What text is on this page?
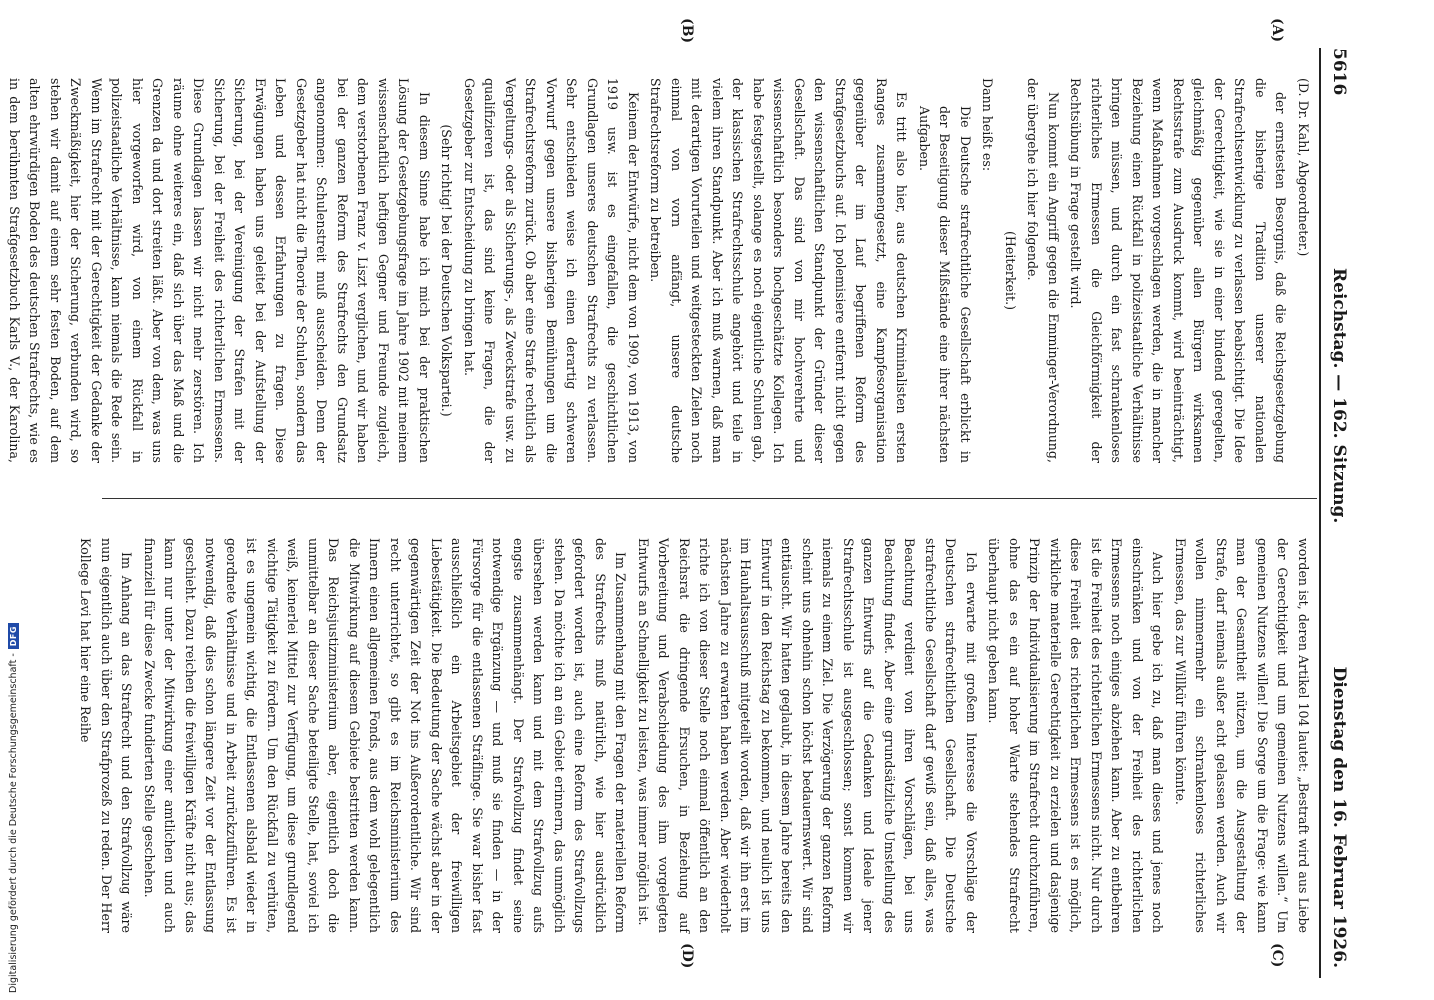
5616
Reichstag. — 162. Sitzung.
Dienstag den 16. Februar 1926.
(A)
(B)
(C)
(D)

(D. Dr. Kahl, Abgeordneter.)

der ernstesten Besorgnis, daß die Reichsgesetzgebung die bisherige Tradition unserer nationalen Strafrechtsentwicklung zu verlassen beabsichtigt. Die Idee der Gerechtigkeit, wie sie in einer bindend geregelten, gleichmäßig gegenüber allen Bürgern wirksamen Rechtsstrafe zum Ausdruck kommt, wird beeinträchtigt, wenn Maßnahmen vorgeschlagen werden, die in mancher Beziehung einen Rückfall in polizeistaatliche Verhältnisse bringen müssen, und durch ein fast schrankenloses richterliches Ermessen die Gleichförmigkeit der Rechtsübung in Frage gestellt wird.

Nun kommt ein Angriff gegen die Emminger-Verordnung, der übergehe ich hier folgende.

(Heiterkeit.)

Dann heißt es:

Die Deutsche strafrechtliche Gesellschaft erblickt in der Beseitigung dieser Mißstände eine ihrer nächsten Aufgaben.

Es tritt also hier, aus deutschen Kriminalisten ersten Ranges zusammengesetzt, eine Kampfesorganisation gegenüber der im Lauf begriffenen Reform des Strafgesetzbuchs auf. Ich polemisiere entfernt nicht gegen den wissenschaftlichen Standpunkt der Gründer dieser Gesellschaft. Das sind von mir hochverehrte und wissenschaftlich besonders hochgeschätzte Kollegen. Ich habe festgestellt, solange es noch eigentliche Schulen gab, der klassischen Strafrechtsschule angehört und teile in vielem ihren Standpunkt. Aber ich muß warnen, daß man mit derartigen Vorurteilen und weitgesteckten Zielen noch einmal von vorn anfängt, unsere deutsche Strafrechtsreform zu betreiben.

Keinem der Entwürfe, nicht dem von 1909, von 1913, von 1919 usw. ist es eingefallen, die geschichtlichen Grundlagen unseres deutschen Strafrechts zu verlassen. Sehr entschieden weise ich einen derartig schweren Vorwurf gegen unsere bisherigen Bemühungen um die Strafrechtsreform zurück. Ob aber eine Strafe rechtlich als Vergeltungs- oder als Sicherungs-, als Zweckstrafe usw. zu qualifizieren ist, das sind keine Fragen, die der Gesetzgeber zur Entscheidung zu bringen hat.

(Sehr richtig! bei der Deutschen Volkspartei.)

In diesem Sinne habe ich mich bei der praktischen Lösung der Gesetzgebungsfrage im Jahre 1902 mit meinem wissenschaftlich heftigen Gegner und Freunde zugleich, dem verstorbenen Franz v. Liszt verglichen, und wir haben bei der ganzen Reform des Strafrechts den Grundsatz angenommen: Schulenstreit muß ausscheiden. Denn der Gesetzgeber hat nicht die Theorie der Schulen, sondern das Leben und dessen Erfahrungen zu fragen. Diese Erwägungen haben uns geleitet bei der Aufstellung der Sicherung, bei der Vereinigung der Strafen mit der Sicherung, bei der Freiheit des richterlichen Ermessens. Diese Grundlagen lassen wir nicht mehr zerstören. Ich räume ohne weiteres ein, daß sich über das Maß und die Grenzen da und dort streiten läßt. Aber von dem, was uns hier vorgeworfen wird, von einem Rückfall in polizeistaatliche Verhältnisse, kann niemals die Rede sein. Wenn im Strafrecht mit der Gerechtigkeit der Gedanke der Zweckmäßigkeit, hier der Sicherung, verbunden wird, so stehen wir damit auf einem sehr festen Boden, auf dem alten ehrwürdigen Boden des deutschen Strafrechts, wie es in dem berühmten Strafgesetzbuch Karls V., der Karolina,

worden ist, deren Artikel 104 lautet: „Bestraft wird aus Liebe der Gerechtigkeit und um gemeinen Nutzens willen.“ Um gemeinen Nutzens willen! Die Sorge um die Frage: wie kann man der Gesamtheit nützen, um die Ausgestaltung der Strafe, darf niemals außer acht gelassen werden. Auch wir wollen nimmermehr ein schrankenloses richterliches Ermessen, das zur Willkür führen könnte.

Auch hier gebe ich zu, daß man dieses und jenes noch einschränken und von der Freiheit des richterlichen Ermessens noch einiges abziehen kann. Aber zu entbehren ist die Freiheit des richterlichen Ermessens nicht. Nur durch diese Freiheit des richterlichen Ermessens ist es möglich, wirkliche materielle Gerechtigkeit zu erzielen und dasjenige Prinzip der Individualisierung im Strafrecht durchzuführen, ohne das es ein auf hoher Warte stehendes Strafrecht überhaupt nicht geben kann.

Ich erwarte mit großem Interesse die Vorschläge der Deutschen strafrechtlichen Gesellschaft. Die Deutsche strafrechtliche Gesellschaft darf gewiß sein, daß alles, was Beachtung verdient von ihren Vorschlägen, bei uns Beachtung findet. Aber eine grundsätzliche Umstellung des ganzen Entwurfs auf die Gedanken und Ideale jener Strafrechtsschule ist ausgeschlossen; sonst kommen wir niemals zu einem Ziel. Die Verzögerung der ganzen Reform scheint uns ohnehin schon höchst bedauernswert. Wir sind enttäuscht. Wir hatten geglaubt, in diesem Jahre bereits den Entwurf in den Reichstag zu bekommen, und neulich ist uns im Hauhaltsausschuß mitgeteilt worden, daß wir ihn erst im nächsten Jahre zu erwarten haben werden. Aber wiederholt richte ich von dieser Stelle noch einmal öffentlich an den Reichsrat die dringende Ersuchen, in Beziehung auf Vorbereitung und Verabschiedung des ihm vorgelegten Entwurfs an Schnelligkeit zu leisten, was immer möglich ist.

Im Zusammenhang mit den Fragen der materiellen Reform des Strafrechts muß natürlich, wie hier ausdrücklich gefordert worden ist, auch eine Reform des Strafvollzugs stehen. Da möchte ich an ein Gebiet erinnern, das unmöglich übersehen werden kann und mit dem Strafvollzug aufs engste zusammenhängt. Der Strafvollzug findet seine notwendige Ergänzung — und muß sie finden — in der Fürsorge für die entlassenen Sträflinge. Sie war bisher fast ausschließlich ein Arbeitsgebiet der freiwilligen Liebestätigkeit. Die Bedeutung der Sache wächst aber in der gegenwärtigen Zeit der Not ins Außerordentliche. Wir sind recht unterrichtet, so gibt es im Reichsministerium des Innern einen allgemeinen Fonds, aus dem wohl gelegentlich die Mitwirkung auf diesem Gebiete bestritten werden kann. Das Reichsjustizministerium aber, eigentlich doch die unmittelbar an dieser Sache beteiligte Stelle, hat, soviel ich weiß, keinerlei Mittel zur Verfügung, um diese grundlegend wichtige Tätigkeit zu fördern. Um den Rückfall zu verhüten, ist es ungemein wichtig, die Entlassenen alsbald wieder in geordnete Verhältnisse und in Arbeit zurückzuführen. Es ist notwendig, daß dies schon längere Zeit vor der Entlassung geschieht. Dazu reichen die freiwilligen Kräfte nicht aus; das kann nur unter der Mitwirkung einer amtlichen und auch finanziell für diese Zwecke fundierten Stelle geschehen.

Im Anhang an das Strafrecht und den Strafvollzug wäre nun eigentlich auch über den Strafprozeß zu reden. Der Herr Kollege Levi hat hier eine Reihe

Digitalisierung gefördert durch die Deutsche Forschungsgemeinschaft -
DFG
